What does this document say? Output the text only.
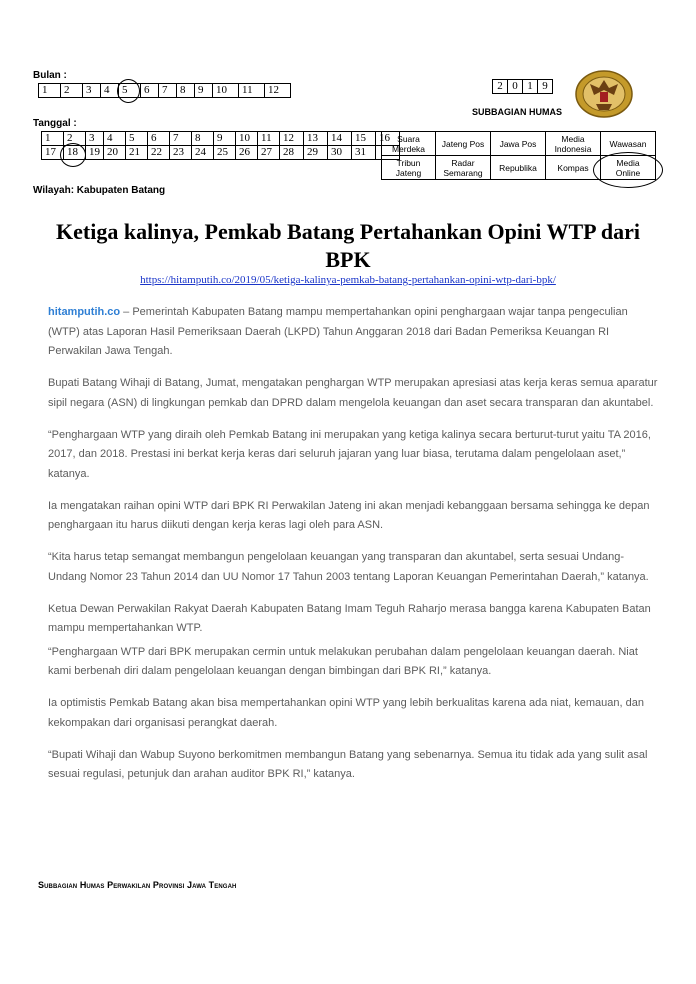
Bulan :
1	2	3	4	5	6	7	8	9	10	11	12
Tanggal :
1	2	3	4	5	6	7	8	9	10	11	12	13	14	15	16
17	18	19	20	21	22	23	24	25	26	27	28	29	30	31	
Wilayah: Kabupaten Batang
2	0	1	9
SUBBAGIAN HUMAS
Suara Merdeka	Jateng Pos	Jawa Pos	Media Indonesia	Wawasan
Tribun Jateng	Radar Semarang	Republika	Kompas	Media Online
Ketiga kalinya, Pemkab Batang Pertahankan Opini WTP dari BPK
https://hitamputih.co/2019/05/ketiga-kalinya-pemkab-batang-pertahankan-opini-wtp-dari-bpk/

hitamputih.co – Pemerintah Kabupaten Batang mampu mempertahankan opini penghargaan wajar tanpa pengeculian (WTP) atas Laporan Hasil Pemeriksaan Daerah (LKPD) Tahun Anggaran 2018 dari Badan Pemeriksa Keuangan RI Perwakilan Jawa Tengah.

Bupati Batang Wihaji di Batang, Jumat, mengatakan penghargan WTP merupakan apresiasi atas kerja keras semua aparatur sipil negara (ASN) di lingkungan pemkab dan DPRD dalam mengelola keuangan dan aset secara transparan dan akuntabel.

“Penghargaan WTP yang diraih oleh Pemkab Batang ini merupakan yang ketiga kalinya secara berturut-turut yaitu TA 2016, 2017, dan 2018. Prestasi ini berkat kerja keras dari seluruh jajaran yang luar biasa, terutama dalam pengelolaan aset,” katanya.

Ia mengatakan raihan opini WTP dari BPK RI Perwakilan Jateng ini akan menjadi kebanggaan bersama sehingga ke depan penghargaan itu harus diikuti dengan kerja keras lagi oleh para ASN.

“Kita harus tetap semangat membangun pengelolaan keuangan yang transparan dan akuntabel, serta sesuai Undang-Undang Nomor 23 Tahun 2014 dan UU Nomor 17 Tahun 2003 tentang Laporan Keuangan Pemerintahan Daerah,” katanya.

Ketua Dewan Perwakilan Rakyat Daerah Kabupaten Batang Imam Teguh Raharjo merasa bangga karena Kabupaten Batan mampu mempertahankan WTP.

“Penghargaan WTP dari BPK merupakan cermin untuk melakukan perubahan dalam pengelolaan keuangan daerah. Niat kami berbenah diri dalam pengelolaan keuangan dengan bimbingan dari BPK RI,” katanya.

Ia optimistis Pemkab Batang akan bisa mempertahankan opini WTP yang lebih berkualitas karena ada niat, kemauan, dan kekompakan dari organisasi perangkat daerah.

“Bupati Wihaji dan Wabup Suyono berkomitmen membangun Batang yang sebenarnya. Semua itu tidak ada yang sulit asal sesuai regulasi, petunjuk dan arahan auditor BPK RI,” katanya.

Subbagian Humas Perwakilan Provinsi Jawa Tengah
